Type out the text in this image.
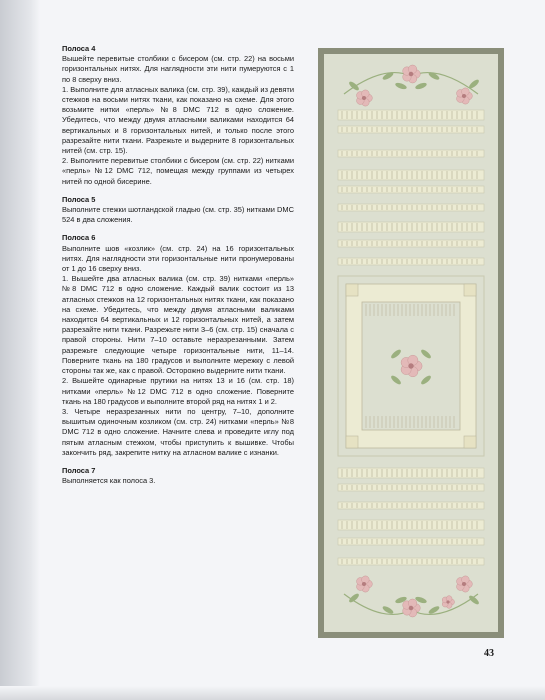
Полоса 4

Вышейте перевитые столбики с бисером (см. стр. 22) на восьми горизонтальных нитях. Для наглядности эти нити пумеруются с 1 по 8 сверху вниз.

1. Выполните для атласных валика (см. стр. 39), каждый из девяти стежков на восьми нитях ткани, как показано на схеме. Для этого возьмите нитки «перль» №8 DMC 712 в одно сложение. Убедитесь, что между двумя атласными валиками находится 64 вертикальных и 8 горизонтальных нитей, и только после этого разрезайте нити ткани. Разрежьте и выдерните 8 горизонтальных нитей (см. стр. 15).

2. Выполните перевитые столбики с бисером (см. стр. 22) нитками «перль» №12 DMC 712, помещая между группами из четырех нитей по одной бисерине.

Полоса 5

Выполните стежки шотландской гладью (см. стр. 35) нитками DMC 524 в два сложения.

Полоса 6

Выполните шов «козлик» (см. стр. 24) на 16 горизонтальных нитях. Для наглядности эти горизонтальные нити пронумерованы от 1 до 16 сверху вниз.

1. Вышейте два атласных валика (см. стр. 39) нитками «перль» №8 DMC 712 в одно сложение. Каждый валик состоит из 13 атласных стежков на 12 горизонтальных нитях ткани, как показано на схеме. Убедитесь, что между двумя атласными валиками находится 64 вертикальных и 12 горизонтальных нитей, а затем разрезайте нити ткани. Разрежьте нити 3–6 (см. стр. 15) сначала с правой стороны. Нити 7–10 оставьте неразрезанными. Затем разрежьте следующие четыре горизонтальные нити, 11–14. Поверните ткань на 180 градусов и выполните мережку с левой стороны так же, как с правой. Осторожно выдерните нити ткани.

2. Вышейте одинарные прутики на нитях 13 и 16 (см. стр. 18) нитками «перль» №12 DMC 712 в одно сложение. Поверните ткань на 180 градусов и выполните второй ряд на нитях 1 и 2.

3. Четыре неразрезанных нити по центру, 7–10, дополните вышитым одиночным козликом (см. стр. 24) нитками «перль» №8 DMC 712 в одно сложение. Начните слева и проведите иглу под пятым атласным стежком, чтобы приступить к вышивке. Чтобы закончить ряд, закрепите нитку на атласном валике с изнанки.

Полоса 7

Выполняется как полоса 3.

43
